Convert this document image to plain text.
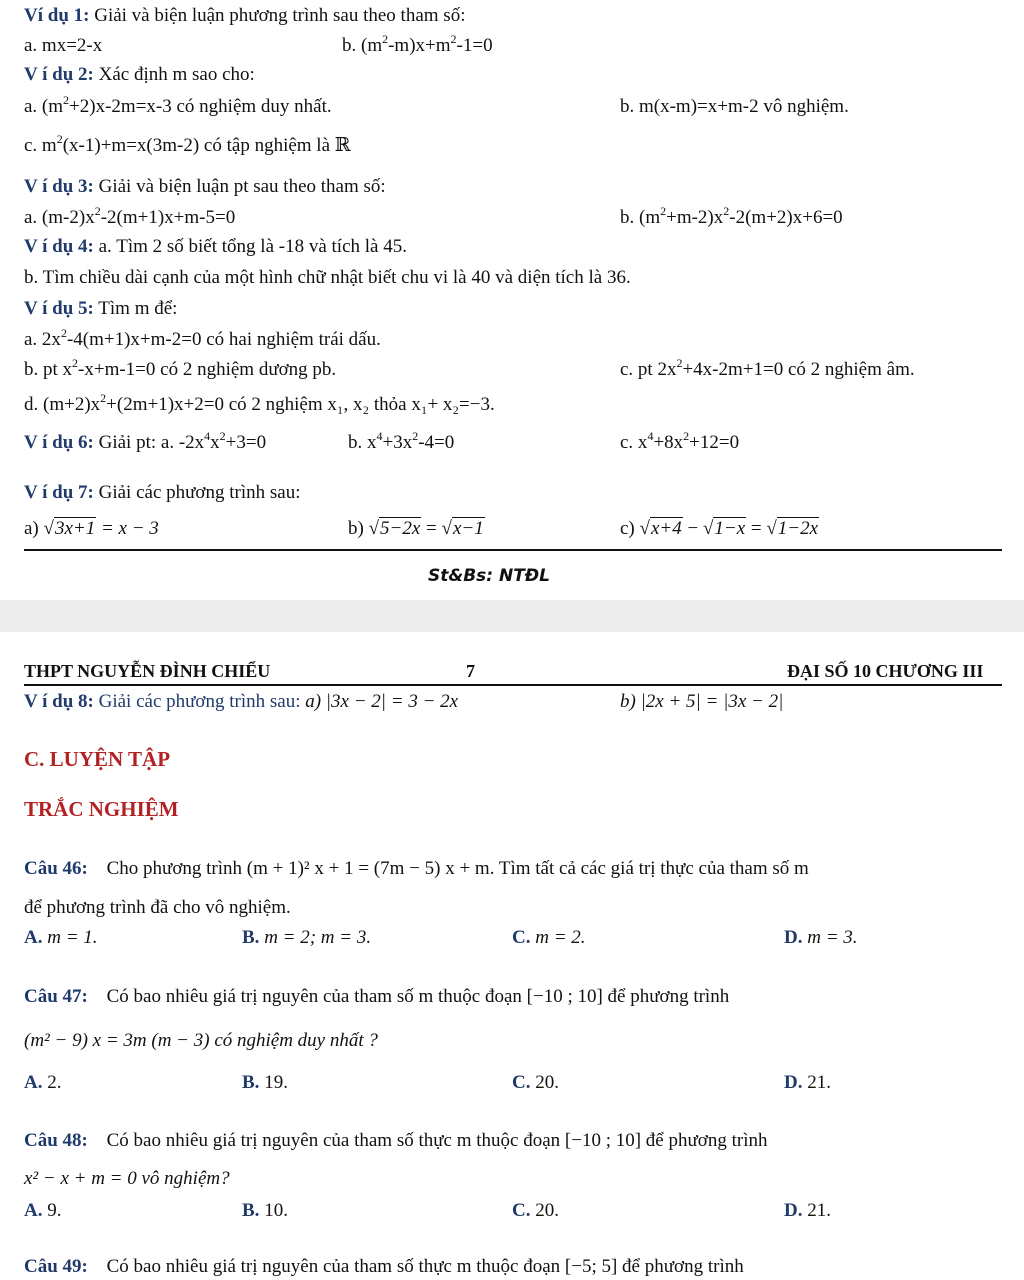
Ví dụ 1: Giải và biện luận phương trình sau theo tham số:
a. mx=2-x	b. $(m^2-m)x+m^2-1=0$
V í dụ 2: Xác định m sao cho:
a. $(m^2+2)x-2m=x-3$ có nghiệm duy nhất.	b. m(x-m)=x+m-2 vô nghiệm.
c. $m^2(x-1)+m=x(3m-2)$ có tập nghiệm là ℝ
V í dụ 3: Giải và biện luận pt sau theo tham số:
a. $(m-2)x^2-2(m+1)x+m-5=0$	b. $(m^2+m-2)x^2-2(m+2)x+6=0$
V í dụ 4: a. Tìm 2 số biết tổng là -18 và tích là 45.
b. Tìm chiều dài cạnh của một hình chữ nhật biết chu vi là 40 và diện tích là 36.
V í dụ 5: Tìm m để:
a. $2x^2-4(m+1)x+m-2=0$ có hai nghiệm trái dấu.
b. pt $x^2-x+m-1=0$ có 2 nghiệm dương pb.	c. pt $2x^2+4x-2m+1=0$ có 2 nghiệm âm.
d. $(m+2)x^2+(2m+1)x+2=0$ có 2 nghiệm x₁, x₂ thỏa x₁+ x₂=−3.
V í dụ 6: Giải pt: a. $-2x^4x^2+3=0$	b. $x^4+3x^2-4=0$	c. $x^4+8x^2+12=0$
V í dụ 7: Giải các phương trình sau:
a) √3x+1 = x − 3	b) √5−2x = √x−1	c) √x+4 − √1−x = √1−2x
St&Bs: NTĐL
THPT NGUYỄN ĐÌNH CHIỂU	7	ĐẠI SỐ 10 CHƯƠNG III
V í dụ 8: Giải các phương trình sau: a) |3x − 2| = 3 − 2x	b) |2x + 5| = |3x − 2|
C. LUYỆN TẬP
TRẮC NGHIỆM
Câu 46: Cho phương trình (m + 1)² x + 1 = (7m − 5) x + m. Tìm tất cả các giá trị thực của tham số m
để phương trình đã cho vô nghiệm.
A. m = 1.	B. m = 2; m = 3.	C. m = 2.	D. m = 3.
Câu 47: Có bao nhiêu giá trị nguyên của tham số m thuộc đoạn [−10 ; 10] để phương trình
(m² − 9) x = 3m (m − 3) có nghiệm duy nhất ?
A. 2.	B. 19.	C. 20.	D. 21.
Câu 48: Có bao nhiêu giá trị nguyên của tham số thực m thuộc đoạn [−10 ; 10] để phương trình
x² − x + m = 0 vô nghiệm?
A. 9.	B. 10.	C. 20.	D. 21.
Câu 49: Có bao nhiêu giá trị nguyên của tham số thực m thuộc đoạn [−5; 5] để phương trình
